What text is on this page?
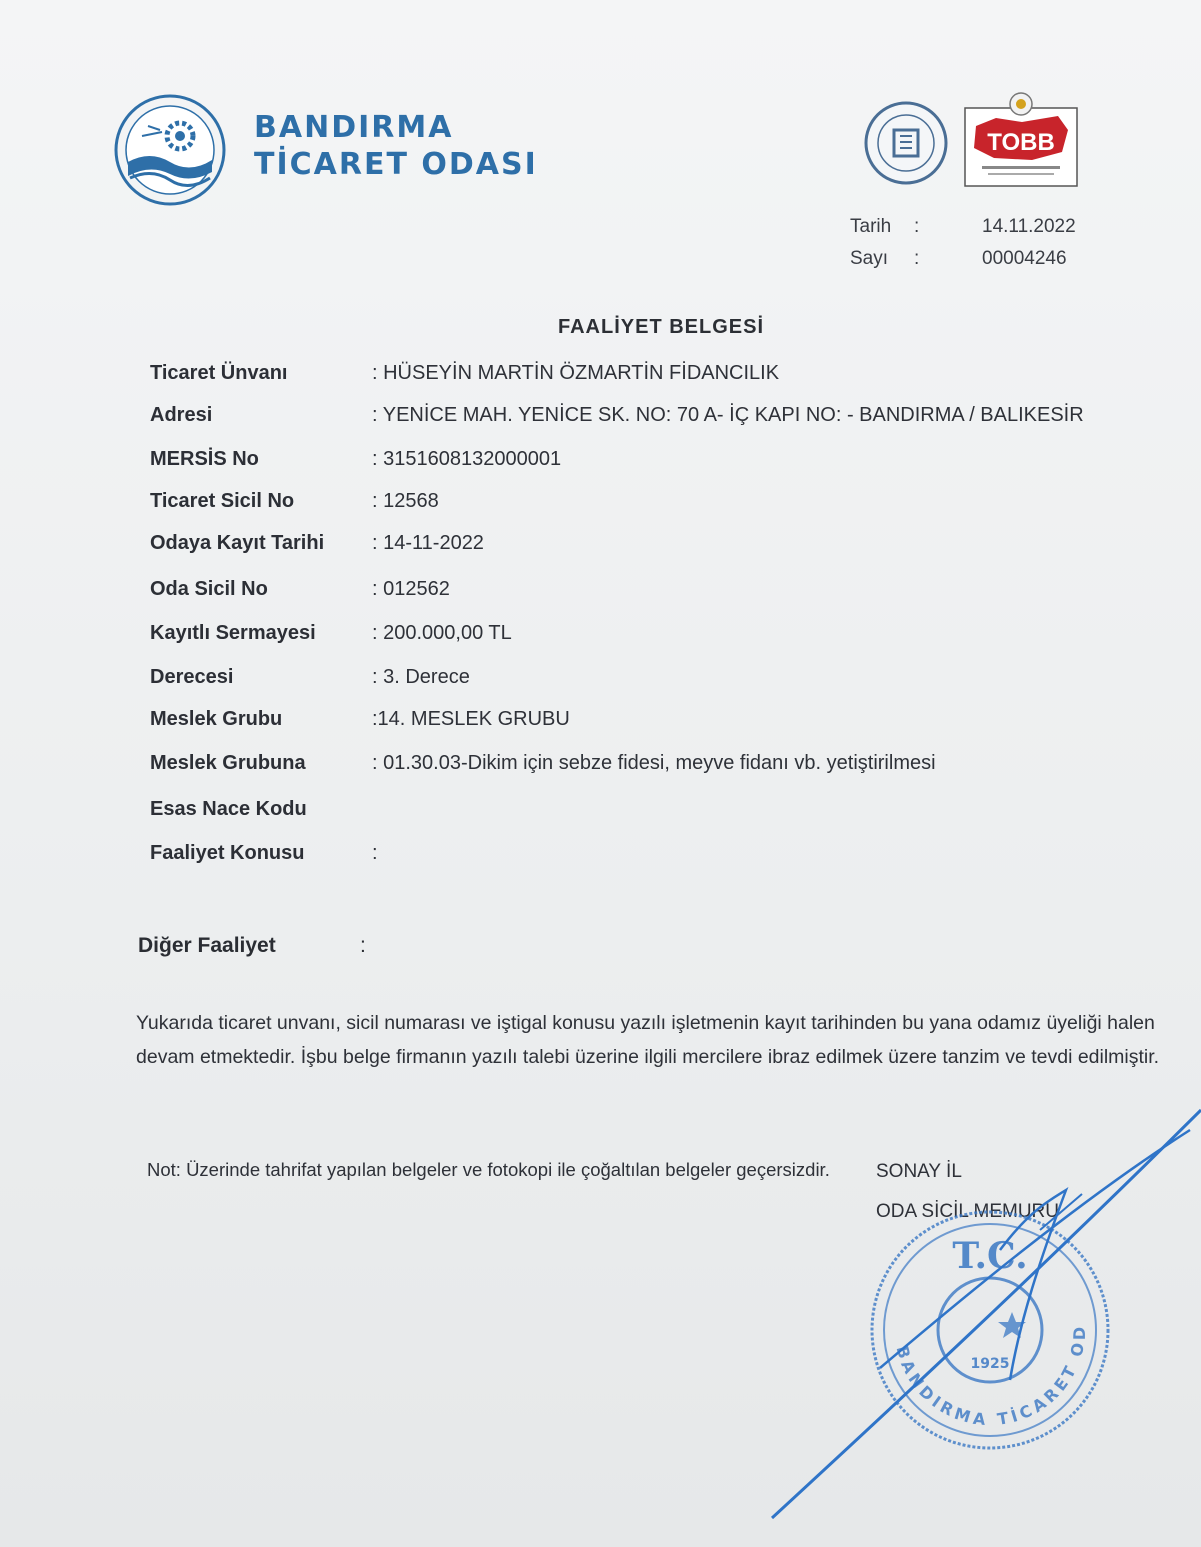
BANDIRMA
TİCARET ODASI
TOBB
Tarih	:	14.11.2022
Sayı	:	00004246
FAALİYET BELGESİ
Ticaret Ünvanı	: HÜSEYİN MARTİN ÖZMARTİN FİDANCILIK
Adresi	: YENİCE MAH. YENİCE SK. NO: 70 A- İÇ KAPI NO: - BANDIRMA / BALIKESİR
MERSİS No	: 3151608132000001
Ticaret Sicil No	: 12568
Odaya Kayıt Tarihi : 14-11-2022
Oda Sicil No	: 012562
Kayıtlı Sermayesi	: 200.000,00 TL
Derecesi	: 3. Derece
Meslek Grubu	:14. MESLEK GRUBU
Meslek Grubuna	: 01.30.03-Dikim için sebze fidesi, meyve fidanı vb. yetiştirilmesi
Esas Nace Kodu
Faaliyet Konusu	:
Diğer Faaliyet	:
Yukarıda ticaret unvanı, sicil numarası ve iştigal konusu yazılı işletmenin kayıt tarihinden bu yana odamız üyeliği halen devam etmektedir. İşbu belge firmanın yazılı talebi üzerine ilgili mercilere ibraz edilmek üzere tanzim ve tevdi edilmiştir.
Not: Üzerinde tahrifat yapılan belgeler ve fotokopi ile çoğaltılan belgeler geçersizdir.	SONAY İL
ODA SİCİL MEMURU
T.C.
1925
BANDIRMA TİCARET OD
